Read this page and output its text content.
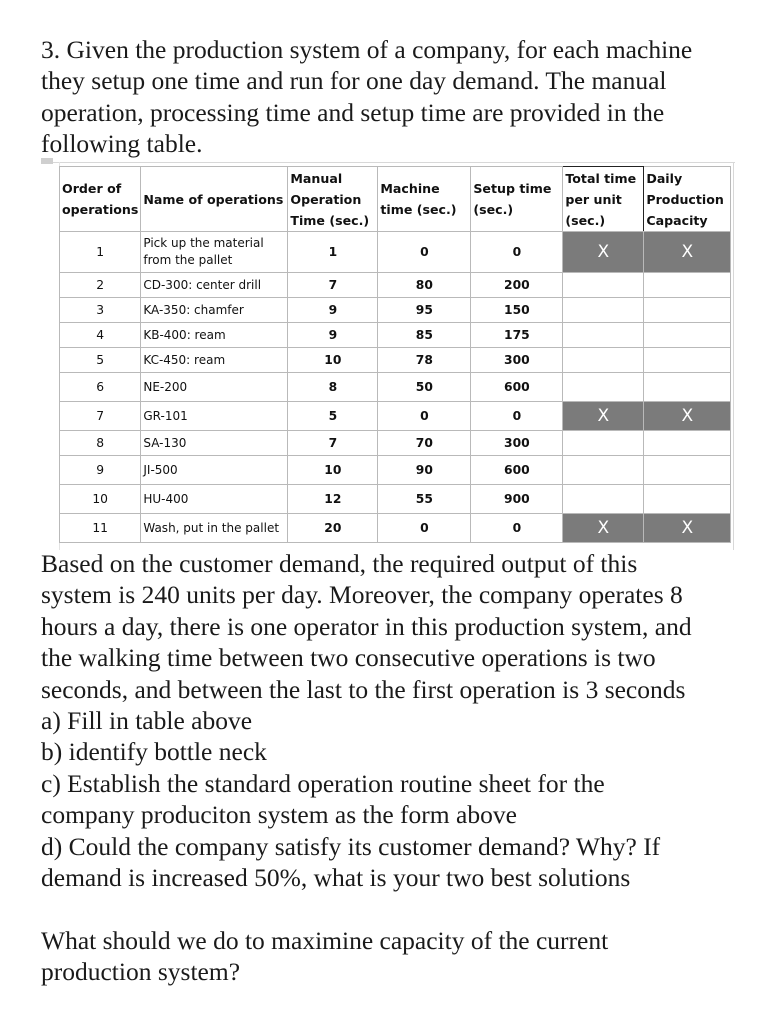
3. Given the production system of a company, for each machine
they setup one time and run for one day demand. The manual
operation, processing time and setup time are provided in the
following table.
Order of operations	Name of operations	Manual Operation Time (sec.)	Machine time (sec.)	Setup time (sec.)	Total time per unit (sec.)	Daily Production Capacity
1	Pick up the material from the pallet	1	0	0	X	X
2	CD-300: center drill	7	80	200		
3	KA-350: chamfer	9	95	150		
4	KB-400: ream	9	85	175		
5	KC-450: ream	10	78	300		
6	NE-200	8	50	600		
7	GR-101	5	0	0	X	X
8	SA-130	7	70	300		
9	JI-500	10	90	600		
10	HU-400	12	55	900		
11	Wash, put in the pallet	20	0	0	X	X
Based on the customer demand, the required output of this
system is 240 units per day. Moreover, the company operates 8
hours a day, there is one operator in this production system, and
the walking time between two consecutive operations is two
seconds, and between the last to the first operation is 3 seconds
a) Fill in table above
b) identify bottle neck
c) Establish the standard operation routine sheet for the
company produciton system as the form above
d) Could the company satisfy its customer demand? Why? If
demand is increased 50%, what is your two best solutions
What should we do to maximine capacity of the current
production system?
